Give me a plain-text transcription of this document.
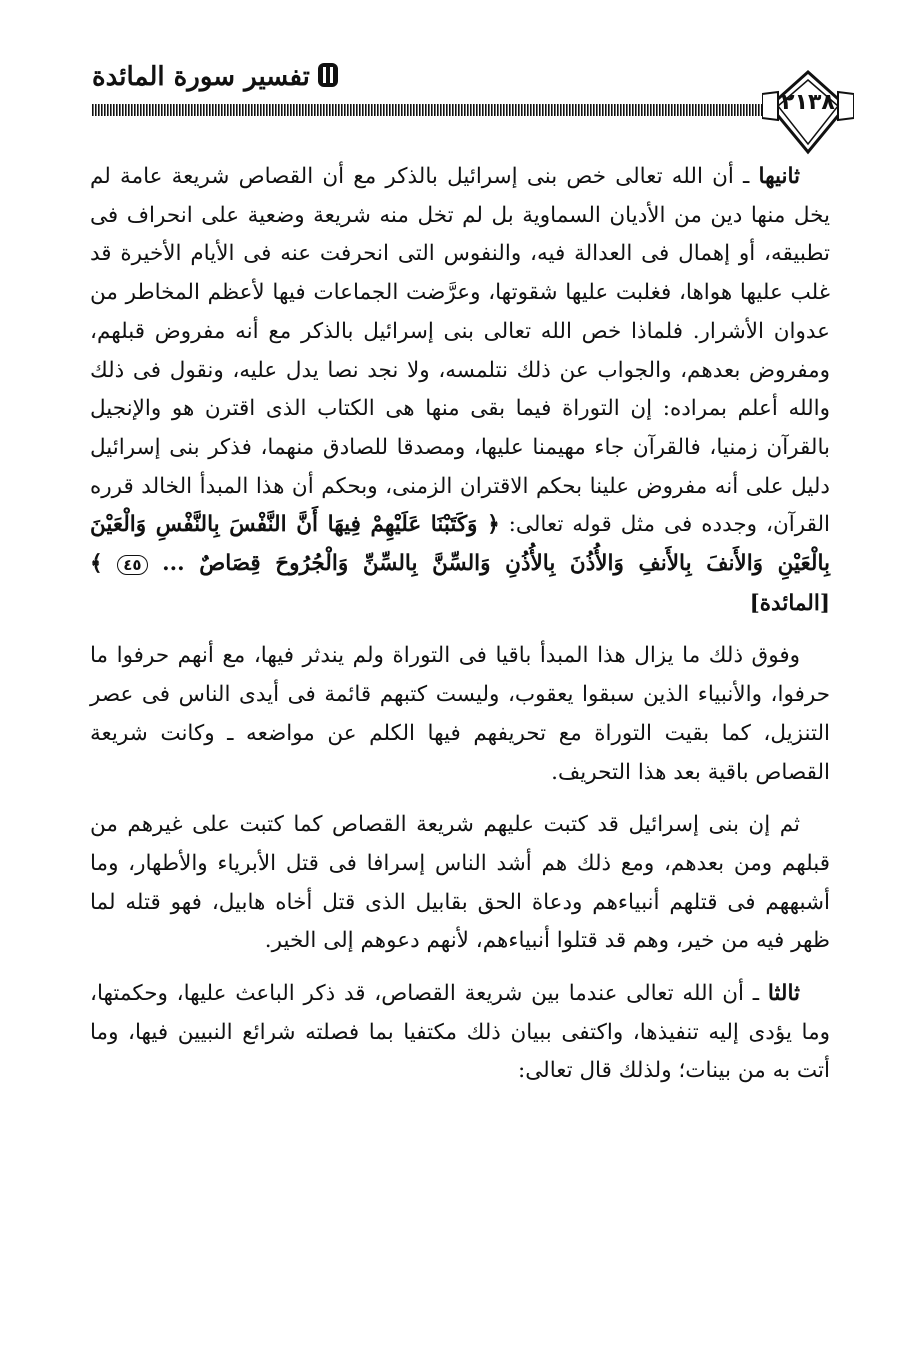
تفسير سورة المائدة
٢١٣٨

ثانيها ـ أن الله تعالى خص بنى إسرائيل بالذكر مع أن القصاص شريعة عامة لم يخل منها دين من الأديان السماوية بل لم تخل منه شريعة وضعية على انحراف فى تطبيقه، أو إهمال فى العدالة فيه، والنفوس التى انحرفت عنه فى الأيام الأخيرة قد غلب عليها هواها، فغلبت عليها شقوتها، وعرَّضت الجماعات فيها لأعظم المخاطر من عدوان الأشرار. فلماذا خص الله تعالى بنى إسرائيل بالذكر مع أنه مفروض قبلهم، ومفروض بعدهم، والجواب عن ذلك نتلمسه، ولا نجد نصا يدل عليه، ونقول فى ذلك والله أعلم بمراده: إن التوراة فيما بقى منها هى الكتاب الذى اقترن هو والإنجيل بالقرآن زمنيا، فالقرآن جاء مهيمنا عليها، ومصدقا للصادق منهما، فذكر بنى إسرائيل دليل على أنه مفروض علينا بحكم الاقتران الزمنى، وبحكم أن هذا المبدأ الخالد قرره القرآن، وجدده فى مثل قوله تعالى: ﴿ وَكَتَبْنَا عَلَيْهِمْ فِيهَا أَنَّ النَّفْسَ بِالنَّفْسِ وَالْعَيْنَ بِالْعَيْنِ وَالأَنفَ بِالأَنفِ وَالأُذُنَ بِالأُذُنِ وَالسِّنَّ بِالسِّنِّ وَالْجُرُوحَ قِصَاصٌ ... ٤٥ ﴾ [المائدة]

وفوق ذلك ما يزال هذا المبدأ باقيا فى التوراة ولم يندثر فيها، مع أنهم حرفوا ما حرفوا، والأنبياء الذين سبقوا يعقوب، وليست كتبهم قائمة فى أيدى الناس فى عصر التنزيل، كما بقيت التوراة مع تحريفهم فيها الكلم عن مواضعه ـ وكانت شريعة القصاص باقية بعد هذا التحريف.

ثم إن بنى إسرائيل قد كتبت عليهم شريعة القصاص كما كتبت على غيرهم من قبلهم ومن بعدهم، ومع ذلك هم أشد الناس إسرافا فى قتل الأبرياء والأطهار، وما أشبههم فى قتلهم أنبياءهم ودعاة الحق بقابيل الذى قتل أخاه هابيل، فهو قتله لما ظهر فيه من خير، وهم قد قتلوا أنبياءهم، لأنهم دعوهم إلى الخير.

ثالثا ـ أن الله تعالى عندما بين شريعة القصاص، قد ذكر الباعث عليها، وحكمتها، وما يؤدى إليه تنفيذها، واكتفى ببيان ذلك مكتفيا بما فصلته شرائع النبيين فيها، وما أتت به من بينات؛ ولذلك قال تعالى:
